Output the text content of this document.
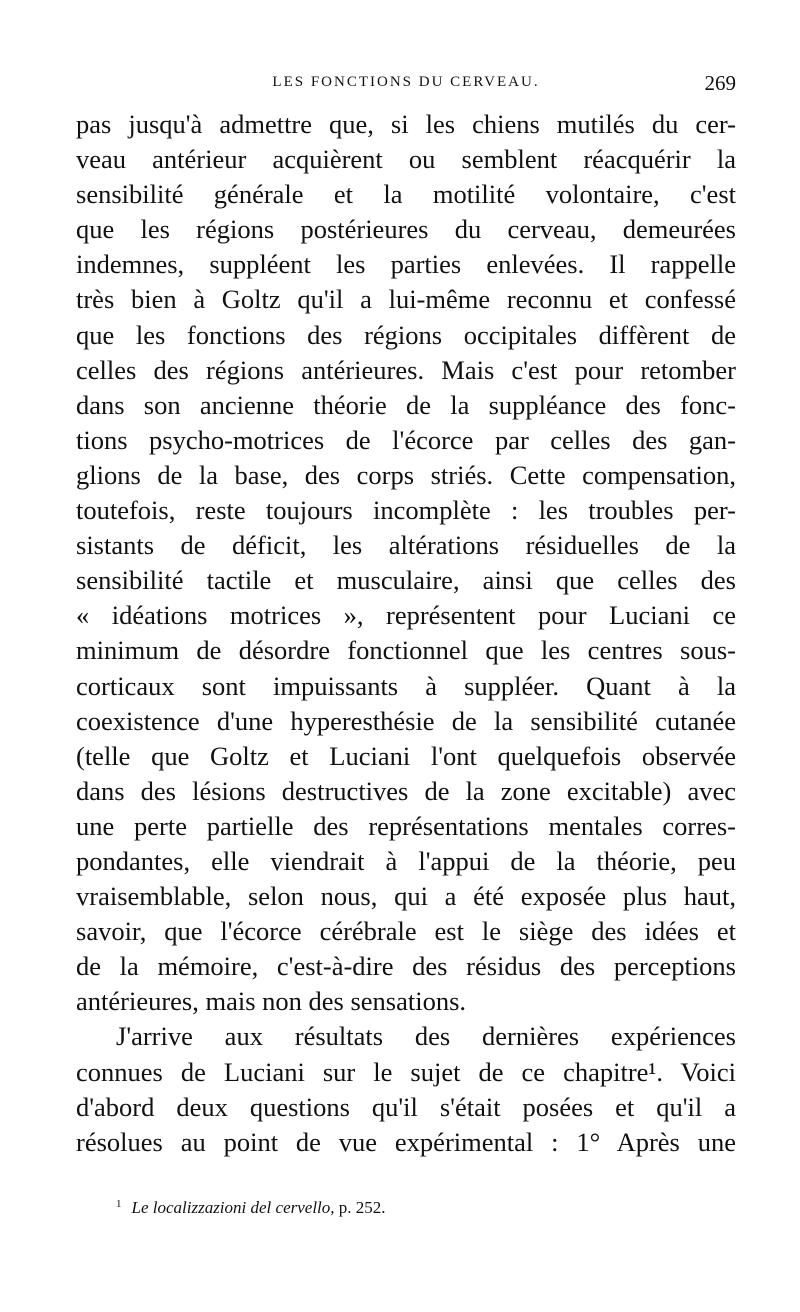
LES FONCTIONS DU CERVEAU.	269
pas jusqu'à admettre que, si les chiens mutilés du cer-
veau antérieur acquièrent ou semblent réacquérir la
sensibilité générale et la motilité volontaire, c'est
que les régions postérieures du cerveau, demeurées
indemnes, suppléent les parties enlevées. Il rappelle
très bien à Goltz qu'il a lui-même reconnu et confessé
que les fonctions des régions occipitales diffèrent de
celles des régions antérieures. Mais c'est pour retomber
dans son ancienne théorie de la suppléance des fonc-
tions psycho-motrices de l'écorce par celles des gan-
glions de la base, des corps striés. Cette compensation,
toutefois, reste toujours incomplète : les troubles per-
sistants de déficit, les altérations résiduelles de la
sensibilité tactile et musculaire, ainsi que celles des
« idéations motrices », représentent pour Luciani ce
minimum de désordre fonctionnel que les centres sous-
corticaux sont impuissants à suppléer. Quant à la
coexistence d'une hyperesthésie de la sensibilité cutanée
(telle que Goltz et Luciani l'ont quelquefois observée
dans des lésions destructives de la zone excitable) avec
une perte partielle des représentations mentales corres-
pondantes, elle viendrait à l'appui de la théorie, peu
vraisemblable, selon nous, qui a été exposée plus haut,
savoir, que l'écorce cérébrale est le siège des idées et
de la mémoire, c'est-à-dire des résidus des perceptions
antérieures, mais non des sensations.
J'arrive aux résultats des dernières expériences
connues de Luciani sur le sujet de ce chapitre¹. Voici
d'abord deux questions qu'il s'était posées et qu'il a
résolues au point de vue expérimental : 1° Après une
$^1$ Le localizzazioni del cervello, p. 252.
